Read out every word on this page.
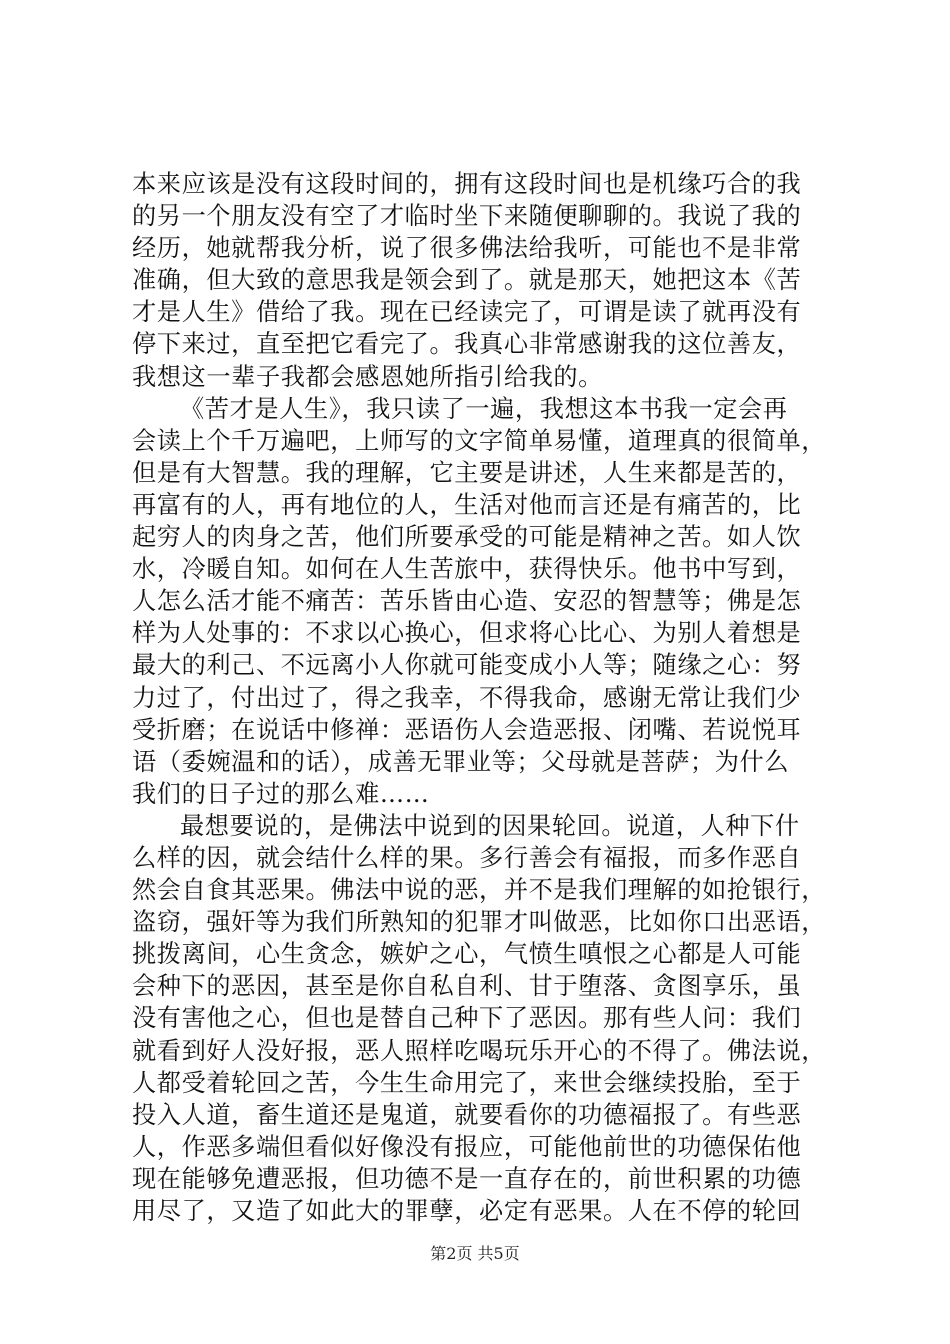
本来应该是没有这段时间的，拥有这段时间也是机缘巧合的我
的另一个朋友没有空了才临时坐下来随便聊聊的。我说了我的
经历，她就帮我分析，说了很多佛法给我听，可能也不是非常
准确，但大致的意思我是领会到了。就是那天，她把这本《苦
才是人生》借给了我。现在已经读完了，可谓是读了就再没有
停下来过，直至把它看完了。我真心非常感谢我的这位善友，
我想这一辈子我都会感恩她所指引给我的。
《苦才是人生》，我只读了一遍，我想这本书我一定会再
会读上个千万遍吧，上师写的文字简单易懂，道理真的很简单，
但是有大智慧。我的理解，它主要是讲述，人生来都是苦的，
再富有的人，再有地位的人，生活对他而言还是有痛苦的，比
起穷人的肉身之苦，他们所要承受的可能是精神之苦。如人饮
水，冷暖自知。如何在人生苦旅中，获得快乐。他书中写到，
人怎么活才能不痛苦：苦乐皆由心造、安忍的智慧等；佛是怎
样为人处事的：不求以心换心，但求将心比心、为别人着想是
最大的利己、不远离小人你就可能变成小人等；随缘之心：努
力过了，付出过了，得之我幸，不得我命，感谢无常让我们少
受折磨；在说话中修禅：恶语伤人会造恶报、闭嘴、若说悦耳
语（委婉温和的话），成善无罪业等；父母就是菩萨；为什么
我们的日子过的那么难……
最想要说的，是佛法中说到的因果轮回。说道，人种下什
么样的因，就会结什么样的果。多行善会有福报，而多作恶自
然会自食其恶果。佛法中说的恶，并不是我们理解的如抢银行，
盗窃，强奸等为我们所熟知的犯罪才叫做恶，比如你口出恶语，
挑拨离间，心生贪念，嫉妒之心，气愤生嗔恨之心都是人可能
会种下的恶因，甚至是你自私自利、甘于堕落、贪图享乐，虽
没有害他之心，但也是替自己种下了恶因。那有些人问：我们
就看到好人没好报，恶人照样吃喝玩乐开心的不得了。佛法说，
人都受着轮回之苦，今生生命用完了，来世会继续投胎，至于
投入人道，畜生道还是鬼道，就要看你的功德福报了。有些恶
人，作恶多端但看似好像没有报应，可能他前世的功德保佑他
现在能够免遭恶报，但功德不是一直存在的，前世积累的功德
用尽了，又造了如此大的罪孽，必定有恶果。人在不停的轮回
第2页 共5页
